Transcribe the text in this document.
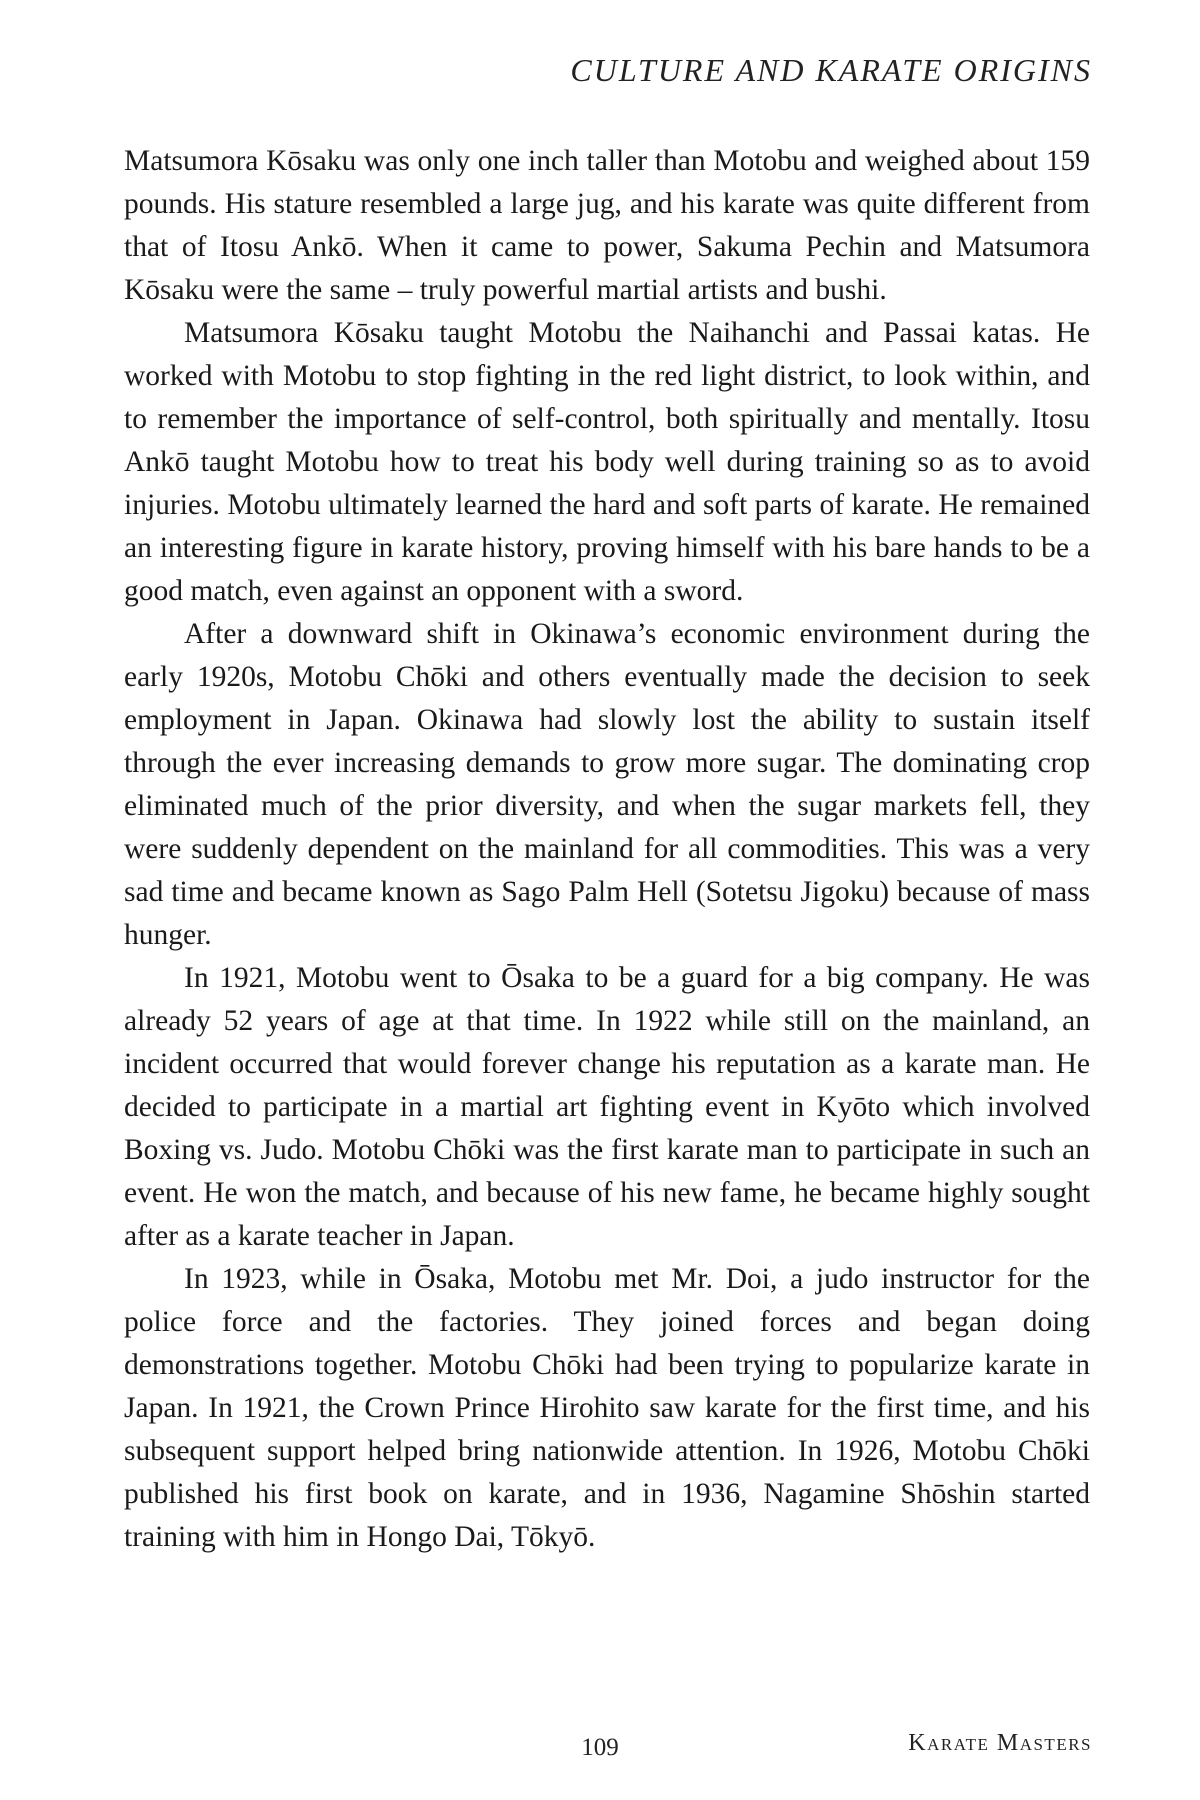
CULTURE AND KARATE ORIGINS

Matsumora Kōsaku was only one inch taller than Motobu and weighed about 159 pounds. His stature resembled a large jug, and his karate was quite different from that of Itosu Ankō. When it came to power, Sakuma Pechin and Matsumora Kōsaku were the same – truly powerful martial artists and bushi.

Matsumora Kōsaku taught Motobu the Naihanchi and Passai katas. He worked with Motobu to stop fighting in the red light district, to look within, and to remember the importance of self-control, both spiritually and mentally. Itosu Ankō taught Motobu how to treat his body well during training so as to avoid injuries. Motobu ultimately learned the hard and soft parts of karate. He remained an interesting figure in karate history, proving himself with his bare hands to be a good match, even against an opponent with a sword.

After a downward shift in Okinawa’s economic environment during the early 1920s, Motobu Chōki and others eventually made the decision to seek employment in Japan. Okinawa had slowly lost the ability to sustain itself through the ever increasing demands to grow more sugar. The dominating crop eliminated much of the prior diversity, and when the sugar markets fell, they were suddenly dependent on the mainland for all commodities. This was a very sad time and became known as Sago Palm Hell (Sotetsu Jigoku) because of mass hunger.

In 1921, Motobu went to Ōsaka to be a guard for a big company. He was already 52 years of age at that time. In 1922 while still on the mainland, an incident occurred that would forever change his reputation as a karate man. He decided to participate in a martial art fighting event in Kyōto which involved Boxing vs. Judo. Motobu Chōki was the first karate man to participate in such an event. He won the match, and because of his new fame, he became highly sought after as a karate teacher in Japan.

In 1923, while in Ōsaka, Motobu met Mr. Doi, a judo instructor for the police force and the factories. They joined forces and began doing demonstrations together. Motobu Chōki had been trying to popularize karate in Japan. In 1921, the Crown Prince Hirohito saw karate for the first time, and his subsequent support helped bring nationwide attention. In 1926, Motobu Chōki published his first book on karate, and in 1936, Nagamine Shōshin started training with him in Hongo Dai, Tōkyō.

109	Karate Masters
